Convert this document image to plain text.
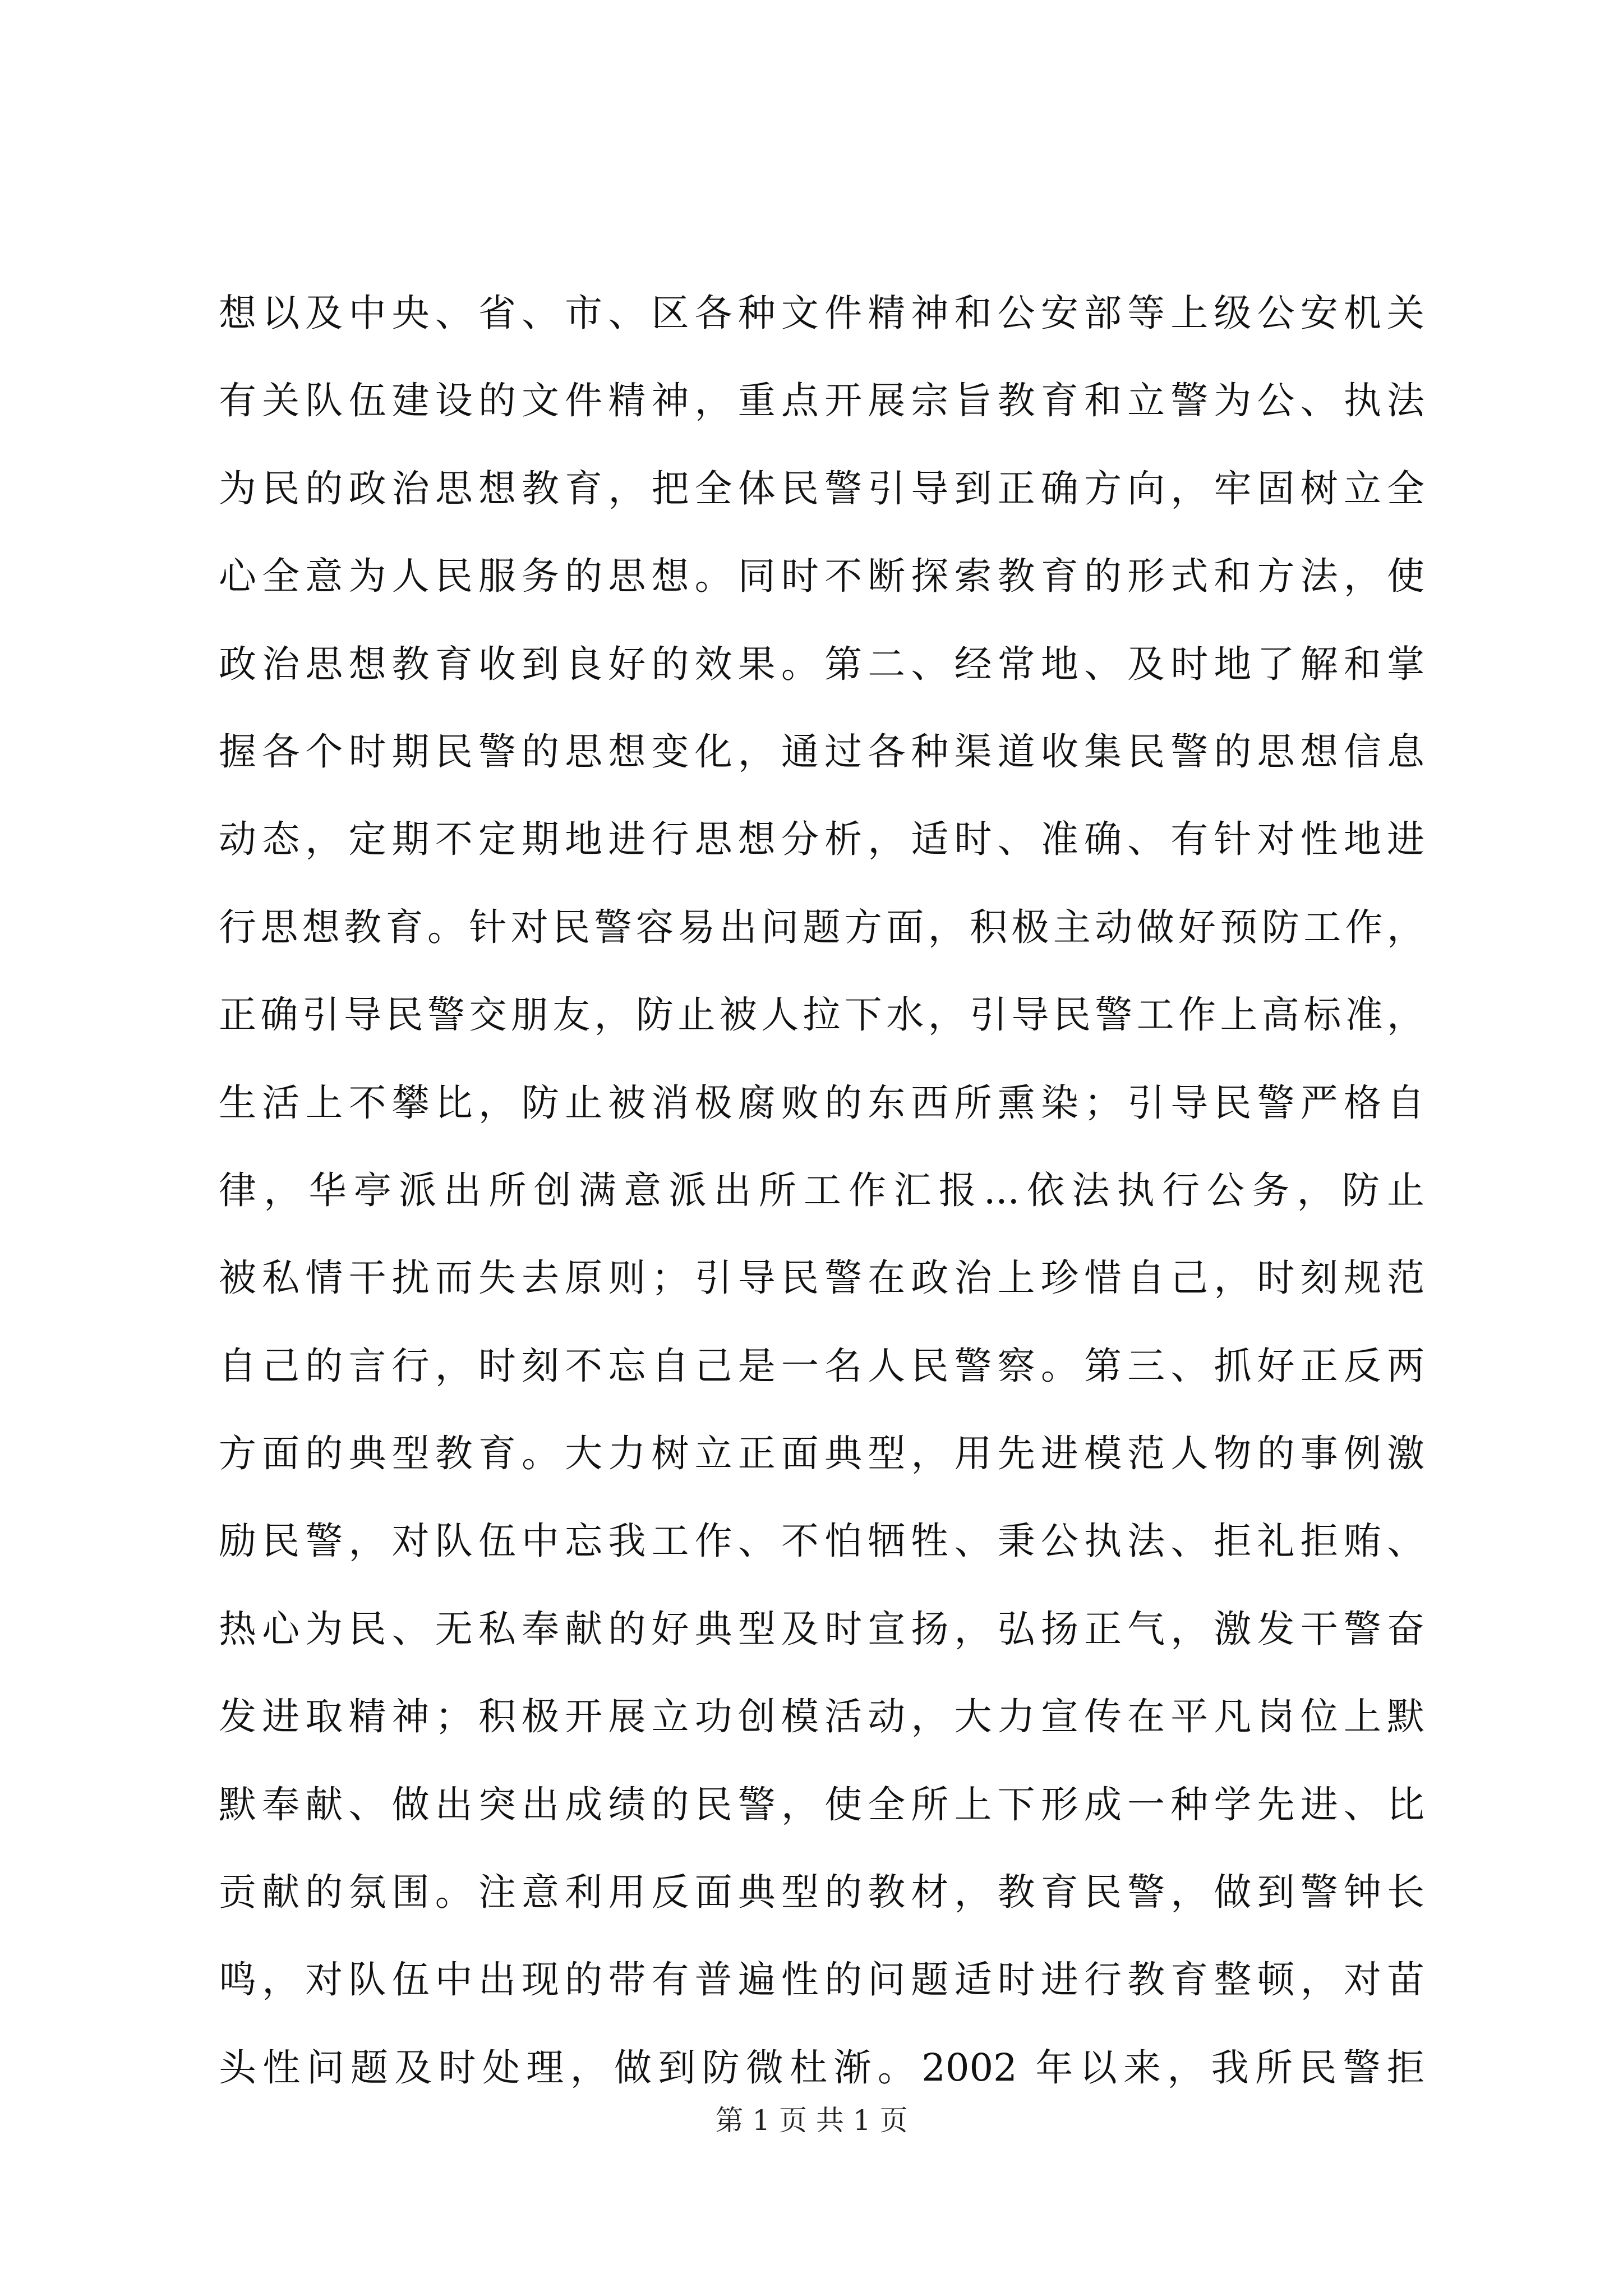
想以及中央、省、市、区各种文件精神和公安部等上级公安机关
有关队伍建设的文件精神，重点开展宗旨教育和立警为公、执法
为民的政治思想教育，把全体民警引导到正确方向，牢固树立全
心全意为人民服务的思想。同时不断探索教育的形式和方法，使
政治思想教育收到良好的效果。第二、经常地、及时地了解和掌
握各个时期民警的思想变化，通过各种渠道收集民警的思想信息
动态，定期不定期地进行思想分析，适时、准确、有针对性地进
行思想教育。针对民警容易出问题方面，积极主动做好预防工作，
正确引导民警交朋友，防止被人拉下水，引导民警工作上高标准，
生活上不攀比，防止被消极腐败的东西所熏染；引导民警严格自
律，华亭派出所创满意派出所工作汇报...依法执行公务，防止
被私情干扰而失去原则；引导民警在政治上珍惜自己，时刻规范
自己的言行，时刻不忘自己是一名人民警察。第三、抓好正反两
方面的典型教育。大力树立正面典型，用先进模范人物的事例激
励民警，对队伍中忘我工作、不怕牺牲、秉公执法、拒礼拒贿、
热心为民、无私奉献的好典型及时宣扬，弘扬正气，激发干警奋
发进取精神；积极开展立功创模活动，大力宣传在平凡岗位上默
默奉献、做出突出成绩的民警，使全所上下形成一种学先进、比
贡献的氛围。注意利用反面典型的教材，教育民警，做到警钟长
鸣，对队伍中出现的带有普遍性的问题适时进行教育整顿，对苗
头性问题及时处理，做到防微杜渐。2002 年以来，我所民警拒
第 1 页 共 1 页
